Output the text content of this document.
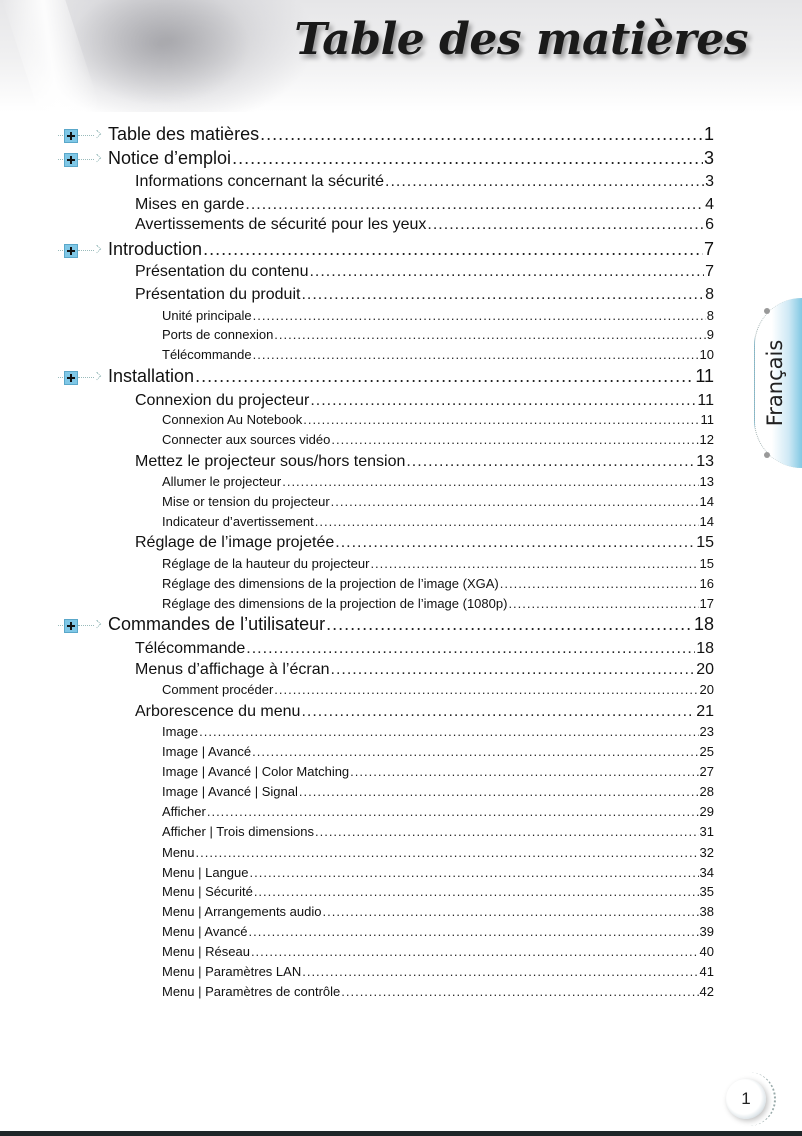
Table des matières
Table des matières .....	1
Notice d’emploi .....	3
Informations concernant la sécurité .....	3
Mises en garde .....	4
Avertissements de sécurité pour les yeux .....	6
Introduction .....	7
Présentation du contenu .....	7
Présentation du produit .....	8
Unité principale .....	8
Ports de connexion .....	9
Télécommande .....	10
Installation .....	11
Connexion du projecteur .....	11
Connexion Au Notebook .....	11
Connecter aux sources vidéo .....	12
Mettez le projecteur sous/hors tension .....	13
Allumer le projecteur .....	13
Mise or tension du projecteur .....	14
Indicateur d’avertissement .....	14
Réglage de l’image projetée .....	15
Réglage de la hauteur du projecteur .....	15
Réglage des dimensions de la projection de l’image (XGA) .....	16
Réglage des dimensions de la projection de l’image (1080p) .....	17
Commandes de l’utilisateur .....	18
Télécommande .....	18
Menus d’affichage à l’écran .....	20
Comment procéder .....	20
Arborescence du menu .....	21
Image .....	23
Image | Avancé .....	25
Image | Avancé | Color Matching .....	27
Image | Avancé | Signal .....	28
Afficher .....	29
Afficher | Trois dimensions .....	31
Menu .....	32
Menu | Langue .....	34
Menu | Sécurité .....	35
Menu | Arrangements audio .....	38
Menu | Avancé .....	39
Menu | Réseau .....	40
Menu | Paramètres LAN .....	41
Menu | Paramètres de contrôle .....	42
Français
1
